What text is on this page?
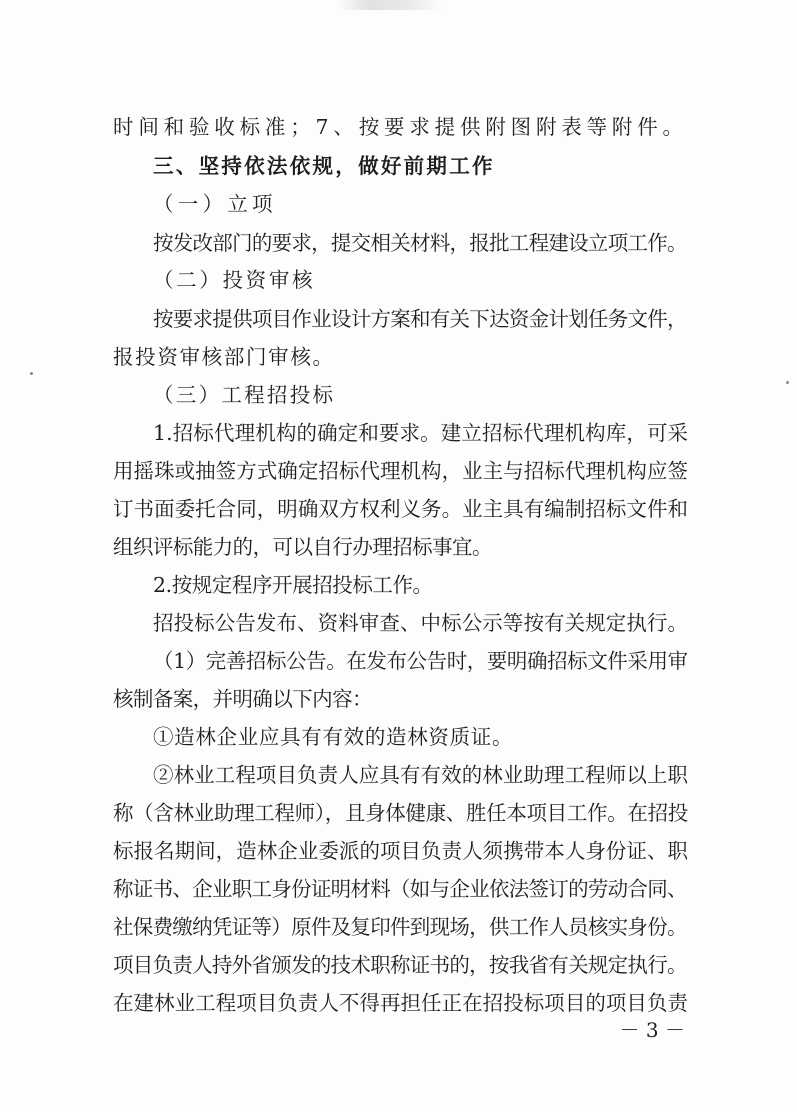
时间和验收标准；7、按要求提供附图附表等附件。
三、坚持依法依规，做好前期工作
（一）立项
按发改部门的要求，提交相关材料，报批工程建设立项工作。
（二）投资审核
按要求提供项目作业设计方案和有关下达资金计划任务文件，
报投资审核部门审核。
（三）工程招投标
1.招标代理机构的确定和要求。建立招标代理机构库，可采
用摇珠或抽签方式确定招标代理机构，业主与招标代理机构应签
订书面委托合同，明确双方权利义务。业主具有编制招标文件和
组织评标能力的，可以自行办理招标事宜。
2.按规定程序开展招投标工作。
招投标公告发布、资料审查、中标公示等按有关规定执行。
（1）完善招标公告。在发布公告时，要明确招标文件采用审
核制备案，并明确以下内容：
①造林企业应具有有效的造林资质证。
②林业工程项目负责人应具有有效的林业助理工程师以上职
称（含林业助理工程师），且身体健康、胜任本项目工作。在招投
标报名期间，造林企业委派的项目负责人须携带本人身份证、职
称证书、企业职工身份证明材料（如与企业依法签订的劳动合同、
社保费缴纳凭证等）原件及复印件到现场，供工作人员核实身份。
项目负责人持外省颁发的技术职称证书的，按我省有关规定执行。
在建林业工程项目负责人不得再担任正在招投标项目的项目负责
－ 3 －
